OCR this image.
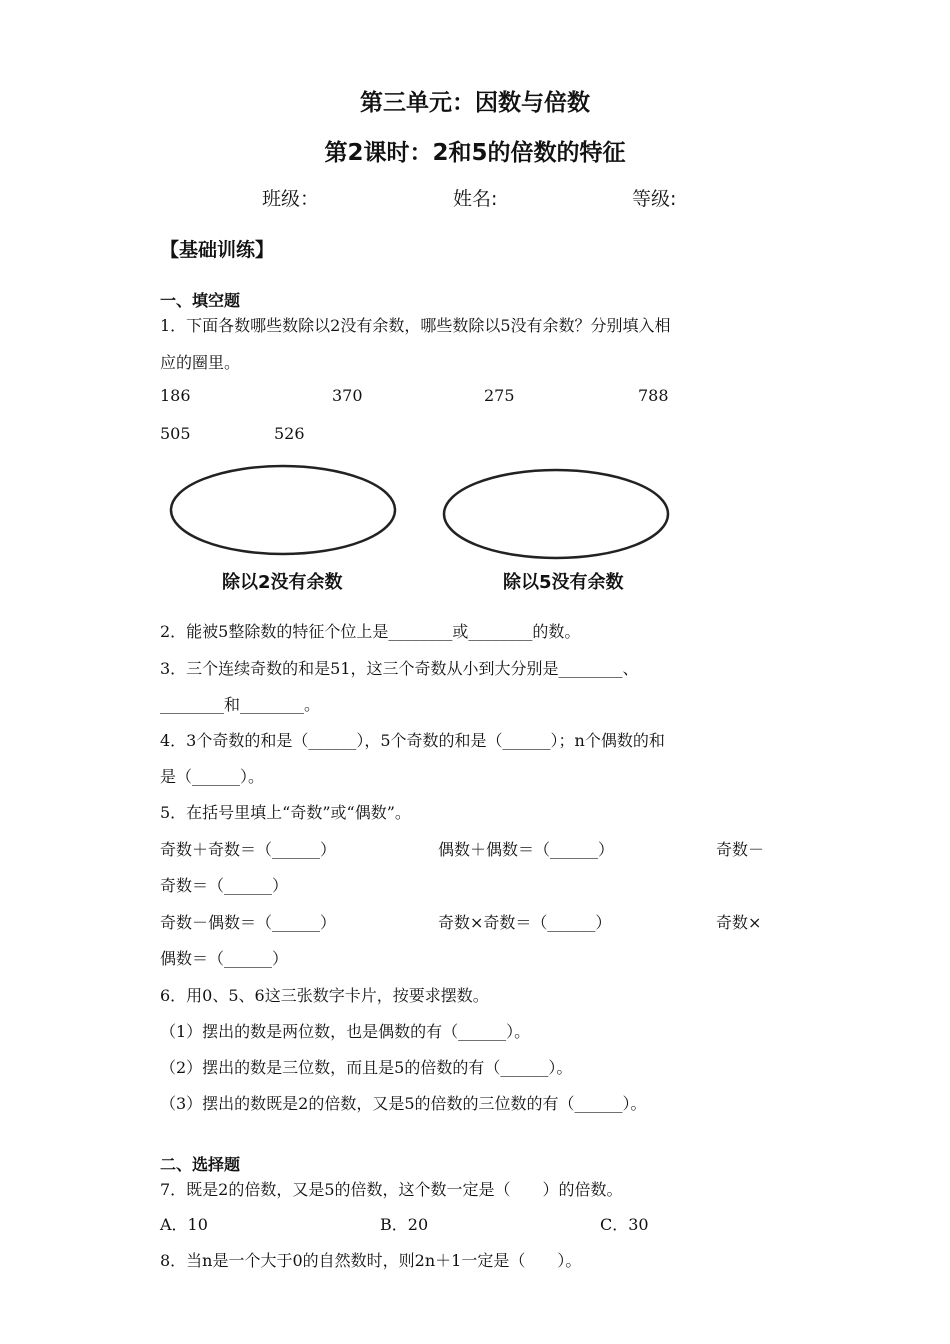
第三单元：因数与倍数
第2课时：2和5的倍数的特征
班级：	姓名:	等级:
【基础训练】
一、填空题
1．下面各数哪些数除以2没有余数，哪些数除以5没有余数？分别填入相
应的圈里。
186	370	275	788
505	526
除以2没有余数	除以5没有余数
2．能被5整除数的特征个位上是________或________的数。
3．三个连续奇数的和是51，这三个奇数从小到大分别是________、
________和________。
4．3个奇数的和是（______），5个奇数的和是（______）；n个偶数的和
是（______）。
5．在括号里填上“奇数”或“偶数”。
奇数＋奇数＝（______）	偶数＋偶数＝（______）	奇数－
奇数＝（______）
奇数－偶数＝（______）	奇数×奇数＝（______）	奇数×
偶数＝（______）
6．用0、5、6这三张数字卡片，按要求摆数。
（1）摆出的数是两位数，也是偶数的有（______）。
（2）摆出的数是三位数，而且是5的倍数的有（______）。
（3）摆出的数既是2的倍数，又是5的倍数的三位数的有（______）。
二、选择题
7．既是2的倍数，又是5的倍数，这个数一定是（　　）的倍数。
A．10	B．20	C．30
8．当n是一个大于0的自然数时，则2n＋1一定是（　　）。
